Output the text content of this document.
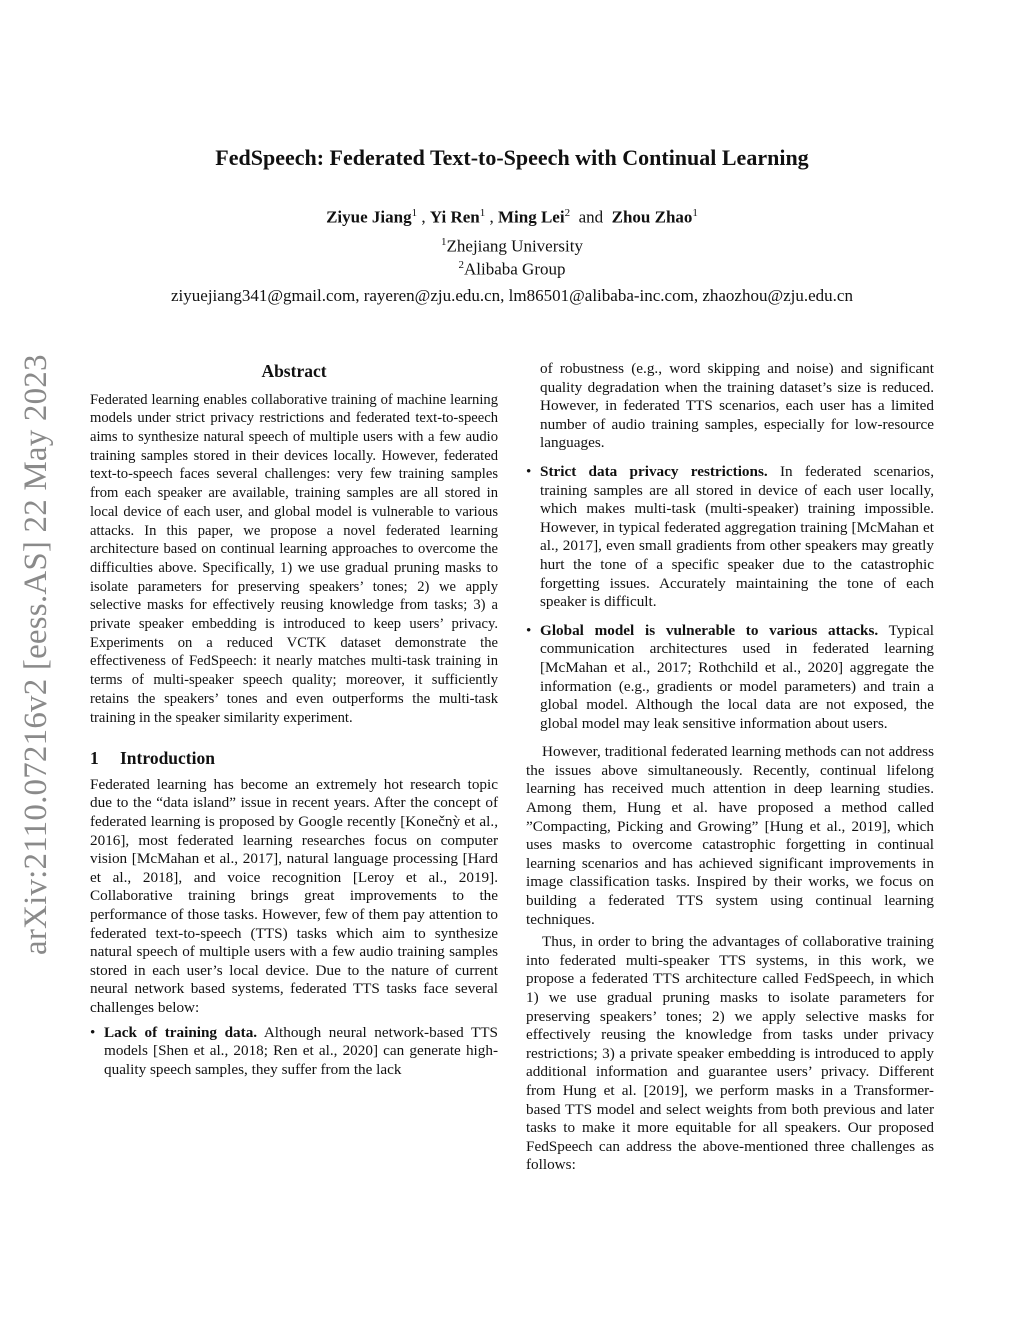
arXiv:2110.07216v2 [eess.AS] 22 May 2023
FedSpeech: Federated Text-to-Speech with Continual Learning
Ziyue Jiang$^1$ , Yi Ren$^1$ , Ming Lei$^2$ and Zhou Zhao$^1$
$^1$Zhejiang University
$^2$Alibaba Group
ziyuejiang341@gmail.com, rayeren@zju.edu.cn, lm86501@alibaba-inc.com, zhaozhou@zju.edu.cn
Abstract

Federated learning enables collaborative training of machine learning models under strict privacy restrictions and federated text-to-speech aims to synthesize natural speech of multiple users with a few audio training samples stored in their devices locally. However, federated text-to-speech faces several challenges: very few training samples from each speaker are available, training samples are all stored in local device of each user, and global model is vulnerable to various attacks. In this paper, we propose a novel federated learning architecture based on continual learning approaches to overcome the difficulties above. Specifically, 1) we use gradual pruning masks to isolate parameters for preserving speakers’ tones; 2) we apply selective masks for effectively reusing knowledge from tasks; 3) a private speaker embedding is introduced to keep users’ privacy. Experiments on a reduced VCTK dataset demonstrate the effectiveness of FedSpeech: it nearly matches multi-task training in terms of multi-speaker speech quality; moreover, it sufficiently retains the speakers’ tones and even outperforms the multi-task training in the speaker similarity experiment.

1 Introduction

Federated learning has become an extremely hot research topic due to the “data island” issue in recent years. After the concept of federated learning is proposed by Google recently [Konečnỳ et al., 2016], most federated learning researches focus on computer vision [McMahan et al., 2017], natural language processing [Hard et al., 2018], and voice recognition [Leroy et al., 2019]. Collaborative training brings great improvements to the performance of those tasks. However, few of them pay attention to federated text-to-speech (TTS) tasks which aim to synthesize natural speech of multiple users with a few audio training samples stored in each user’s local device. Due to the nature of current neural network based systems, federated TTS tasks face several challenges below:

• Lack of training data. Although neural network-based TTS models [Shen et al., 2018; Ren et al., 2020] can generate high-quality speech samples, they suffer from the lack

of robustness (e.g., word skipping and noise) and significant quality degradation when the training dataset’s size is reduced. However, in federated TTS scenarios, each user has a limited number of audio training samples, especially for low-resource languages.

• Strict data privacy restrictions. In federated scenarios, training samples are all stored in device of each user locally, which makes multi-task (multi-speaker) training impossible. However, in typical federated aggregation training [McMahan et al., 2017], even small gradients from other speakers may greatly hurt the tone of a specific speaker due to the catastrophic forgetting issues. Accurately maintaining the tone of each speaker is difficult.

• Global model is vulnerable to various attacks. Typical communication architectures used in federated learning [McMahan et al., 2017; Rothchild et al., 2020] aggregate the information (e.g., gradients or model parameters) and train a global model. Although the local data are not exposed, the global model may leak sensitive information about users.

However, traditional federated learning methods can not address the issues above simultaneously. Recently, continual lifelong learning has received much attention in deep learning studies. Among them, Hung et al. have proposed a method called ”Compacting, Picking and Growing” [Hung et al., 2019], which uses masks to overcome catastrophic forgetting in continual learning scenarios and has achieved significant improvements in image classification tasks. Inspired by their works, we focus on building a federated TTS system using continual learning techniques.

Thus, in order to bring the advantages of collaborative training into federated multi-speaker TTS systems, in this work, we propose a federated TTS architecture called FedSpeech, in which 1) we use gradual pruning masks to isolate parameters for preserving speakers’ tones; 2) we apply selective masks for effectively reusing the knowledge from tasks under privacy restrictions; 3) a private speaker embedding is introduced to apply additional information and guarantee users’ privacy. Different from Hung et al. [2019], we perform masks in a Transformer-based TTS model and select weights from both previous and later tasks to make it more equitable for all speakers. Our proposed FedSpeech can address the above-mentioned three challenges as follows:
